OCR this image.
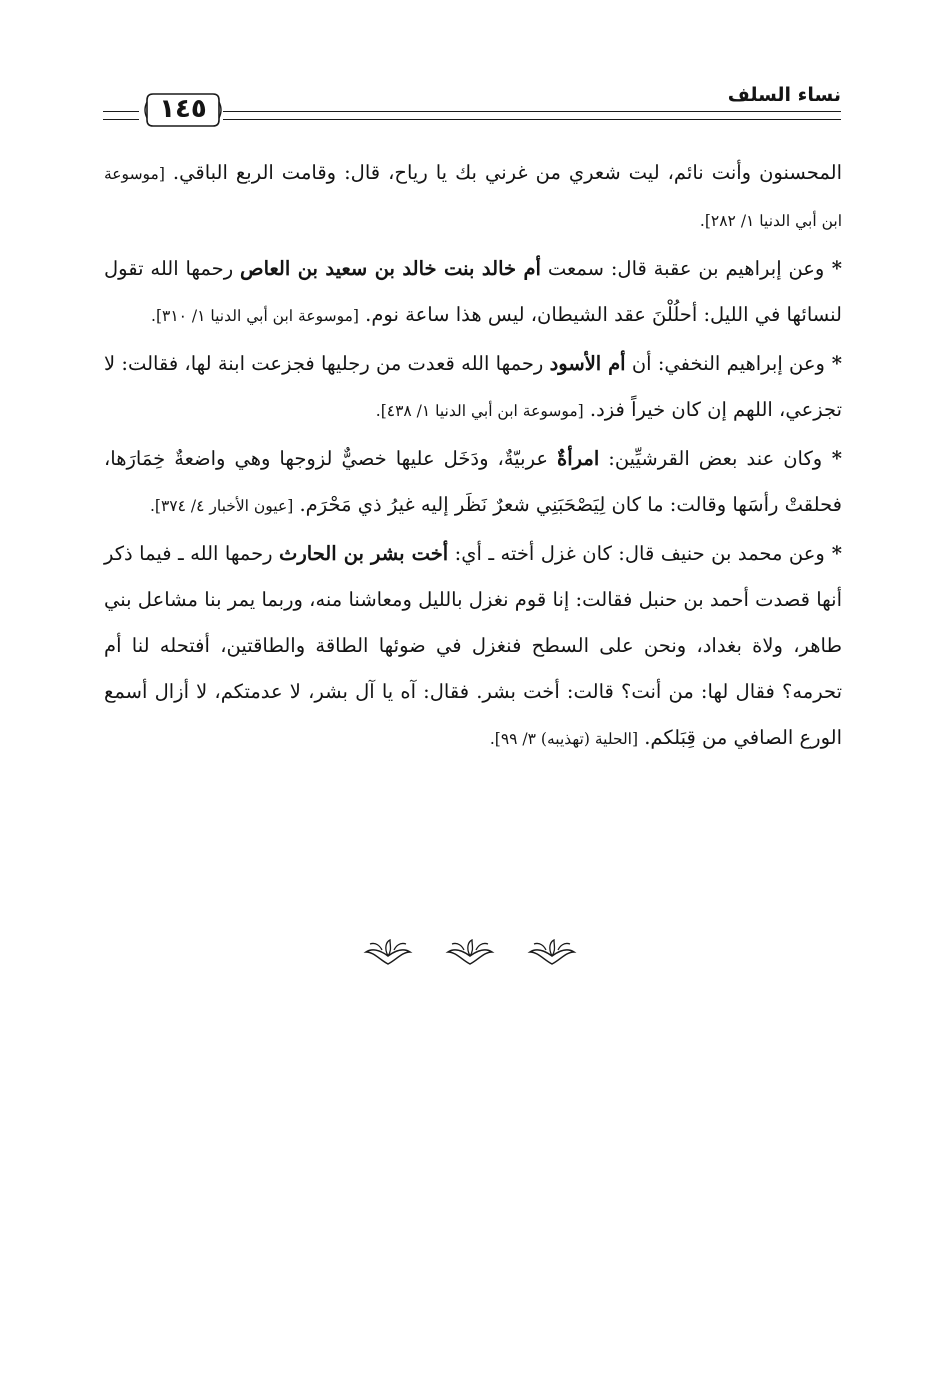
نساء السلف
١٤٥

المحسنون وأنت نائم، ليت شعري من غرني بك يا رياح، قال: وقامت الربع الباقي. [موسوعة ابن أبي الدنيا ١/ ٢٨٢].

* وعن إبراهيم بن عقبة قال: سمعت أم خالد بنت خالد بن سعيد بن العاص رحمها الله تقول لنسائها في الليل: أحلُلْنَ عقد الشيطان، ليس هذا ساعة نوم. [موسوعة ابن أبي الدنيا ١/ ٣١٠].

* وعن إبراهيم النخفي: أن أم الأسود رحمها الله قعدت من رجليها فجزعت ابنة لها، فقالت: لا تجزعي، اللهم إن كان خيراً فزد. [موسوعة ابن أبي الدنيا ١/ ٤٣٨].

* وكان عند بعض القرشيِّين: امرأةٌ عربيّةٌ، ودَخَل عليها خصيٌّ لزوجها وهي واضعةٌ خِمَارَها، فحلقتْ رأسَها وقالت: ما كان لِيَصْحَبَنِي شعرٌ نَظَر إليه غيرُ ذي مَحْرَم. [عيون الأخبار ٤/ ٣٧٤].

* وعن محمد بن حنيف قال: كان غزل أخته ـ أي: أخت بشر بن الحارث رحمها الله ـ فيما ذكر أنها قصدت أحمد بن حنبل فقالت: إنا قوم نغزل بالليل ومعاشنا منه، وربما يمر بنا مشاعل بني طاهر، ولاة بغداد، ونحن على السطح فنغزل في ضوئها الطاقة والطاقتين، أفتحله لنا أم تحرمه؟ فقال لها: من أنت؟ قالت: أخت بشر. فقال: آه يا آل بشر، لا عدمتكم، لا أزال أسمع الورع الصافي من قِبَلكم. [الحلية (تهذيبه) ٣/ ٩٩].
